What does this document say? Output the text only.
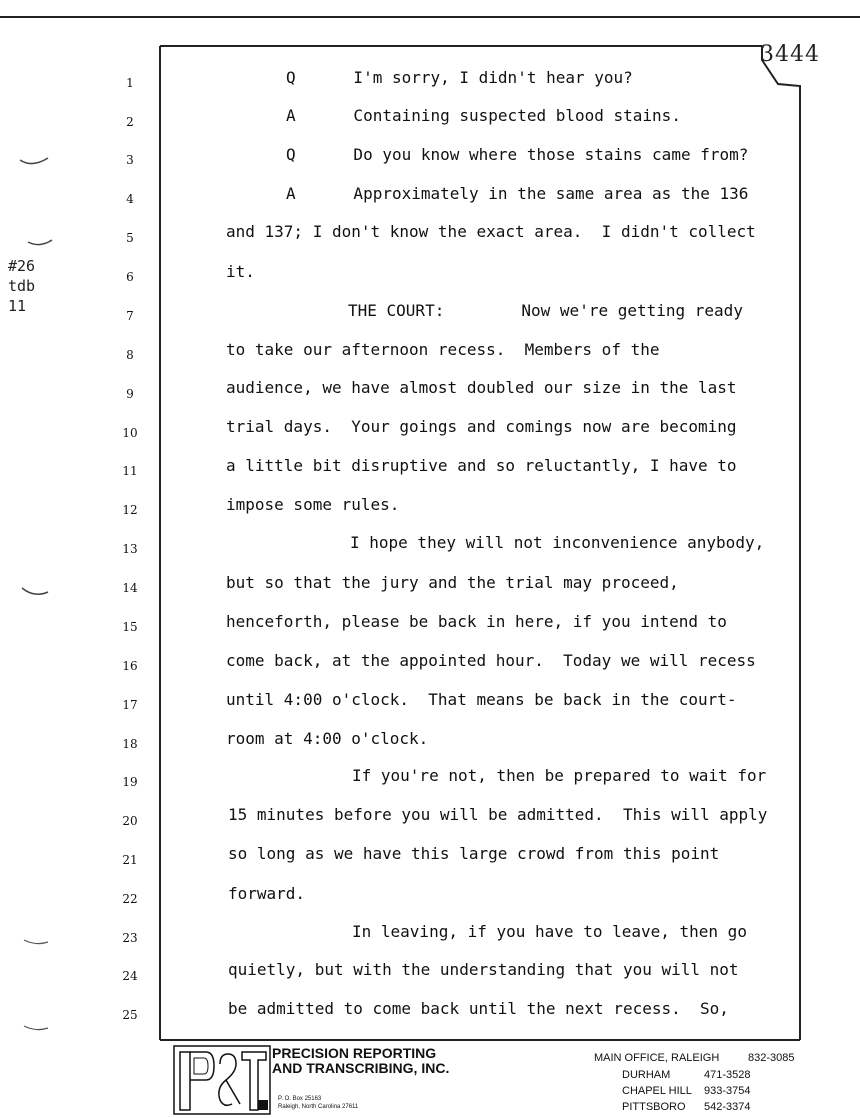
3444
#26
tdb
11
1	Q      I'm sorry, I didn't hear you?
2	A      Containing suspected blood stains.
3	Q      Do you know where those stains came from?
4	A      Approximately in the same area as the 136
5	and 137; I don't know the exact area.  I didn't collect
6	it.
7	THE COURT:        Now we're getting ready
8	to take our afternoon recess.  Members of the
9	audience, we have almost doubled our size in the last
10	trial days.  Your goings and comings now are becoming
11	a little bit disruptive and so reluctantly, I have to
12	impose some rules.
13	I hope they will not inconvenience anybody,
14	but so that the jury and the trial may proceed,
15	henceforth, please be back in here, if you intend to
16	come back, at the appointed hour.  Today we will recess
17	until 4:00 o'clock.  That means be back in the court-
18	room at 4:00 o'clock.
19	If you're not, then be prepared to wait for
20	15 minutes before you will be admitted.  This will apply
21	so long as we have this large crowd from this point
22	forward.
23	In leaving, if you have to leave, then go
24	quietly, but with the understanding that you will not
25	be admitted to come back until the next recess.  So,
PRECISION REPORTING
AND TRANSCRIBING, INC.
P. O. Box 25163
Raleigh, North Carolina 27611
MAIN OFFICE, RALEIGH	832-3085
DURHAM	471-3528
CHAPEL HILL 933-3754
PITTSBORO 542-3374
